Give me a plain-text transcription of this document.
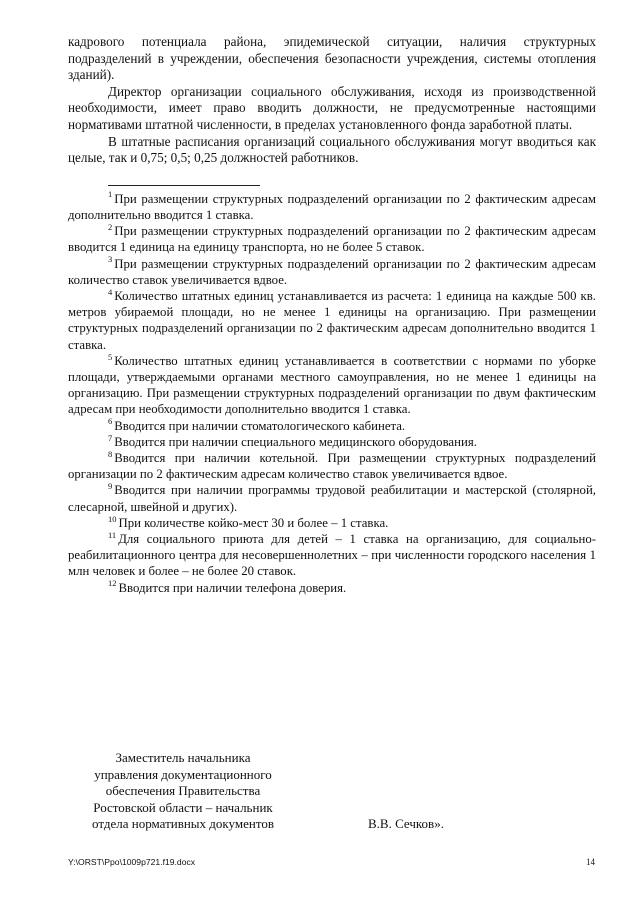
кадрового потенциала района, эпидемической ситуации, наличия структурных подразделений в учреждении, обеспечения безопасности учреждения, системы отопления зданий).

Директор организации социального обслуживания, исходя из производственной необходимости, имеет право вводить должности, не предусмотренные настоящими нормативами штатной численности, в пределах установленного фонда заработной платы.

В штатные расписания организаций социального обслуживания могут вводиться как целые, так и 0,75; 0,5; 0,25 должностей работников.

$^1$ При размещении структурных подразделений организации по 2 фактическим адресам дополнительно вводится 1 ставка.

$^2$ При размещении структурных подразделений организации по 2 фактическим адресам вводится 1 единица на единицу транспорта, но не более 5 ставок.

$^3$ При размещении структурных подразделений организации по 2 фактическим адресам количество ставок увеличивается вдвое.

$^4$ Количество штатных единиц устанавливается из расчета: 1 единица на каждые 500 кв. метров убираемой площади, но не менее 1 единицы на организацию. При размещении структурных подразделений организации по 2 фактическим адресам дополнительно вводится 1 ставка.

$^5$ Количество штатных единиц устанавливается в соответствии с нормами по уборке площади, утверждаемыми органами местного самоуправления, но не менее 1 единицы на организацию. При размещении структурных подразделений организации по двум фактическим адресам при необходимости дополнительно вводится 1 ставка.

$^6$ Вводится при наличии стоматологического кабинета.

$^7$ Вводится при наличии специального медицинского оборудования.

$^8$ Вводится при наличии котельной. При размещении структурных подразделений организации по 2 фактическим адресам количество ставок увеличивается вдвое.

$^9$ Вводится при наличии программы трудовой реабилитации и мастерской (столярной, слесарной, швейной и других).

$^{10}$ При количестве койко-мест 30 и более – 1 ставка.

$^{11}$ Для социального приюта для детей – 1 ставка на организацию, для социально-реабилитационного центра для несовершеннолетних – при численности городского населения 1 млн человек и более – не более 20 ставок.

$^{12}$ Вводится при наличии телефона доверия.

Заместитель начальника
управления документационного
обеспечения Правительства
Ростовской области – начальник
отдела нормативных документов	В.В. Сечков».
Y:\ORST\Ppo\1009p721.f19.docx	14
